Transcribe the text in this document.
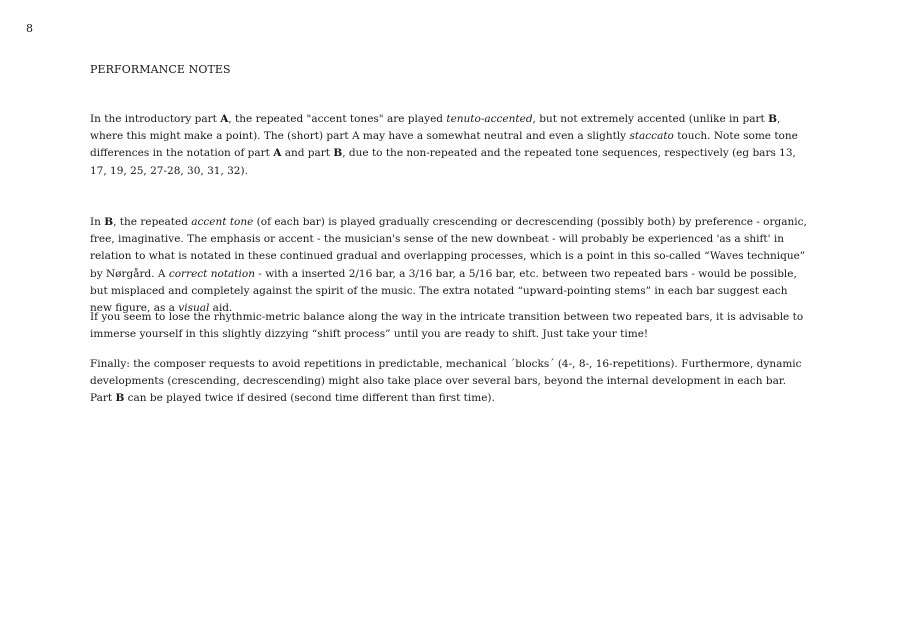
8
PERFORMANCE NOTES

In the introductory part A, the repeated "accent tones" are played tenuto-accented, but not extremely accented (unlike in part B, where this might make a point). The (short) part A may have a somewhat neutral and even a slightly staccato touch. Note some tone differences in the notation of part A and part B, due to the non-repeated and the repeated tone sequences, respectively (eg bars 13, 17, 19, 25, 27-28, 30, 31, 32).

In B, the repeated accent tone (of each bar) is played gradually crescending or decrescending (possibly both) by preference - organic, free, imaginative. The emphasis or accent - the musician's sense of the new downbeat - will probably be experienced 'as a shift' in relation to what is notated in these continued gradual and overlapping processes, which is a point in this so-called “Waves technique” by Nørgård. A correct notation - with a inserted 2/16 bar, a 3/16 bar, a 5/16 bar, etc. between two repeated bars - would be possible, but misplaced and completely against the spirit of the music. The extra notated “upward-pointing stems” in each bar suggest each new figure, as a visual aid.

If you seem to lose the rhythmic-metric balance along the way in the intricate transition between two repeated bars, it is advisable to immerse yourself in this slightly dizzying “shift process” until you are ready to shift. Just take your time!

Finally: the composer requests to avoid repetitions in predictable, mechanical ´blocks´ (4-, 8-, 16-repetitions). Furthermore, dynamic developments (crescending, decrescending) might also take place over several bars, beyond the internal development in each bar.
Part B can be played twice if desired (second time different than first time).
